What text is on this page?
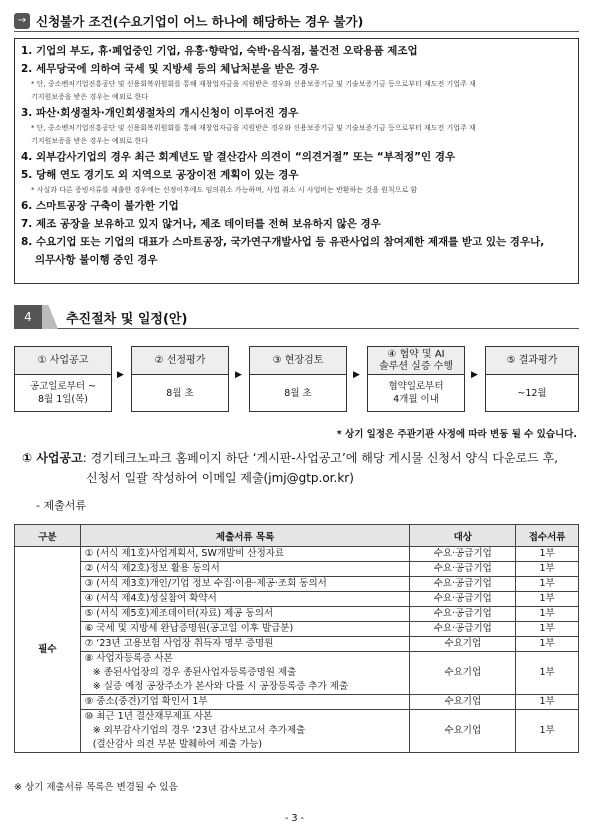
→ 신청불가 조건(수요기업이 어느 하나에 해당하는 경우 불가)
1. 기업의 부도, 휴·폐업중인 기업, 유흥·향락업, 숙박·음식점, 불건전 오락용품 제조업
2. 세무당국에 의하여 국세 및 지방세 등의 체납처분을 받은 경우
* 단, 중소벤처기업진흥공단 및 신용회복위원회를 통해 재창업자금을 지원받은 경우와 신용보증기금 및 기술보증기금 등으로부터 재도전 기업주 재
기지원보증을 받은 경우는 예외로 한다
3. 파산·회생절차·개인회생절차의 개시신청이 이루어진 경우
* 단, 중소벤처기업진흥공단 및 신용회복위원회를 통해 재창업자금을 지원받은 경우와 신용보증기금 및 기술보증기금 등으로부터 재도전 기업주 재
기지원보증을 받은 경우는 예외로 한다
4. 외부감사기업의 경우 최근 회계년도 말 결산감사 의견이 “의견거절” 또는 “부적정”인 경우
5. 당해 연도 경기도 외 지역으로 공장이전 계획이 있는 경우
* 사실과 다른 증빙서류를 제출한 경우에는 선정이후에도 임의취소 가능하며, 사업 취소 시 사업비는 반환하는 것을 원칙으로 함
6. 스마트공장 구축이 불가한 기업
7. 제조 공장을 보유하고 있지 않거나, 제조 데이터를 전혀 보유하지 않은 경우
8. 수요기업 또는 기업의 대표가 스마트공장, 국가연구개발사업 등 유관사업의 참여제한 제재를 받고 있는 경우나,
의무사항 불이행 중인 경우
4	추진절차 및 일정(안)
① 사업공고
공고일로부터 ~
8월 1일(목)
▶
② 선정평가
8월 초
▶
③ 현장검토
8월 초
▶
④ 협약 및 AI
솔루션 실증 수행
협약일로부터
4개월 이내
▶
⑤ 결과평가
~12월
* 상기 일정은 주관기관 사정에 따라 변동 될 수 있습니다.
① 사업공고: 경기테크노파크 홈페이지 하단 ‘게시판-사업공고’에 해당 게시물 신청서 양식 다운로드 후,
신청서 일괄 작성하여 이메일 제출(jmj@gtp.or.kr)
- 제출서류
구분	제출서류 목록	대상	접수서류
필수	① (서식 제1호)사업계획서, SW개발비 산정자료	수요·공급기업	1부
	② (서식 제2호)정보 활용 동의서	수요·공급기업	1부
	③ (서식 제3호)개인/기업 정보 수집·이용·제공·조회 동의서	수요·공급기업	1부
	④ (서식 제4호)성실참여 확약서	수요·공급기업	1부
	⑤ (서식 제5호)제조데이터(자료) 제공 동의서	수요·공급기업	1부
	⑥ 국세 및 지방세 완납증명원(공고일 이후 발급분)	수요·공급기업	1부
	⑦ ‘23년 고용보험 사업장 취득자 명부 증명원	수요기업	1부

	⑧ 사업자등록증 사본
※ 종된사업장의 경우 종된사업자등록증명원 제출
※ 실증 예정 공장주소가 본사와 다를 시 공장등록증 추가 제출	수요기업	1부
	⑨ 중소(중견)기업 확인서 1부	수요기업	1부

	⑩ 최근 1년 결산재무제표 사본
※ 외부감사기업의 경우 ‘23년 감사보고서 추가제출
(결산감사 의견 부분 발췌하여 제출 가능)	수요기업	1부
※ 상기 제출서류 목록은 변경될 수 있음
- 3 -
